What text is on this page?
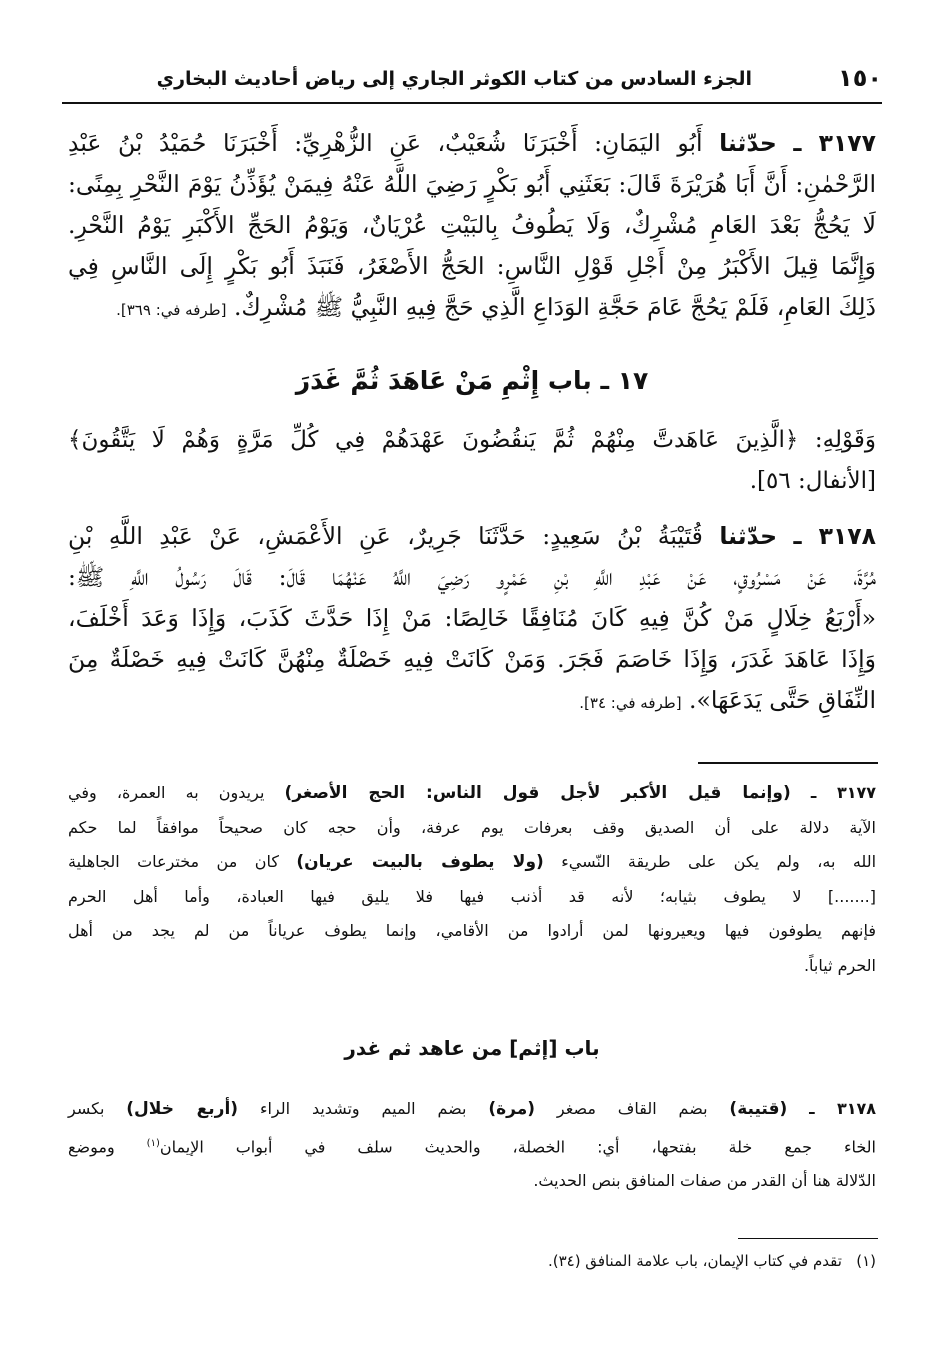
١٥٠
الجزء السادس من كتاب الكوثر الجاري إلى رياض أحاديث البخاري
٣١٧٧ ـ حدّثنا أَبُو اليَمَانِ: أَخْبَرَنَا شُعَيْبٌ، عَنِ الزُّهْرِيِّ: أَخْبَرَنَا حُمَيْدُ بْنُ عَبْدِ
الرَّحْمٰنِ: أَنَّ أَبَا هُرَيْرَةَ قَالَ: بَعَثَنِي أَبُو بَكْرٍ رَضِيَ اللَّهُ عَنْهُ فِيمَنْ يُؤَذِّنُ يَوْمَ النَّحْرِ بِمِنًى:
لَا يَحُجُّ بَعْدَ العَامِ مُشْرِكٌ، وَلَا يَطُوفُ بِالبَيْتِ عُرْيَانٌ، وَيَوْمُ الحَجِّ الأَكْبَرِ يَوْمُ النَّحْرِ.
وَإِنَّمَا قِيلَ الأَكْبَرُ مِنْ أَجْلِ قَوْلِ النَّاسِ: الحَجُّ الأَصْغَرُ، فَنَبَذَ أَبُو بَكْرٍ إِلَى النَّاسِ فِي
ذَلِكَ العَامِ، فَلَمْ يَحُجَّ عَامَ حَجَّةِ الوَدَاعِ الَّذِي حَجَّ فِيهِ النَّبِيُّ ﷺ مُشْرِكٌ. [طرفه في: ٣٦٩].
١٧ ـ باب إِثْمِ مَنْ عَاهَدَ ثُمَّ غَدَرَ
وَقَوْلِهِ: ﴿الَّذِينَ عَاهَدتَّ مِنْهُمْ ثُمَّ يَنقُضُونَ عَهْدَهُمْ فِي كُلِّ مَرَّةٍ وَهُمْ لَا يَتَّقُونَ﴾
[الأنفال: ٥٦].
٣١٧٨ ـ حدّثنا قُتَيْبَةُ بْنُ سَعِيدٍ: حَدَّثَنَا جَرِيرٌ، عَنِ الأَعْمَشِ، عَنْ عَبْدِ اللَّهِ بْنِ
مُرَّةَ، عَنْ مَسْرُوقٍ، عَنْ عَبْدِ اللَّهِ بْنِ عَمْرٍو رَضِيَ اللَّهُ عَنْهُمَا قَالَ: قَالَ رَسُولُ اللَّهِ ﷺ:
«أَرْبَعُ خِلَالٍ مَنْ كُنَّ فِيهِ كَانَ مُنَافِقًا خَالِصًا: مَنْ إِذَا حَدَّثَ كَذَبَ، وَإِذَا وَعَدَ أَخْلَفَ،
وَإِذَا عَاهَدَ غَدَرَ، وَإِذَا خَاصَمَ فَجَرَ. وَمَنْ كَانَتْ فِيهِ خَصْلَةٌ مِنْهُنَّ كَانَتْ فِيهِ خَصْلَةٌ مِنَ
النِّفَاقِ حَتَّى يَدَعَهَا». [طرفه في: ٣٤].
٣١٧٧ ـ (وإنما قيل الأكبر لأجل قول الناس: الحج الأصغر) يريدون به العمرة، وفي
الآية دلالة على أن الصديق وقف بعرفات يوم عرفة، وأن حجه كان صحيحاً موافقاً لما حكم
الله به، ولم يكن على طريقة النّسيء (ولا يطوف بالبيت عريان) كان من مخترعات الجاهلية
[.......] لا يطوف بثيابه؛ لأنه قد أذنب فيها فلا يليق فيها العبادة، وأما أهل الحرم
فإنهم يطوفون فيها ويعيرونها لمن أرادوا من الأقامي، وإنما يطوف عرياناً من لم يجد من أهل
الحرم ثياباً.
باب [إثم] من عاهد ثم غدر
٣١٧٨ ـ (قتيبة) بضم القاف مصغر (مرة) بضم الميم وتشديد الراء (أربع خلال) بكسر
الخاء جمع خلة بفتحها، أي: الخصلة، والحديث سلف في أبواب الإيمان$^{(١)}$ وموضع
الدّلالة هنا أن القدر من صفات المنافق بنص الحديث.
(١)   تقدم في كتاب الإيمان، باب علامة المنافق (٣٤).
